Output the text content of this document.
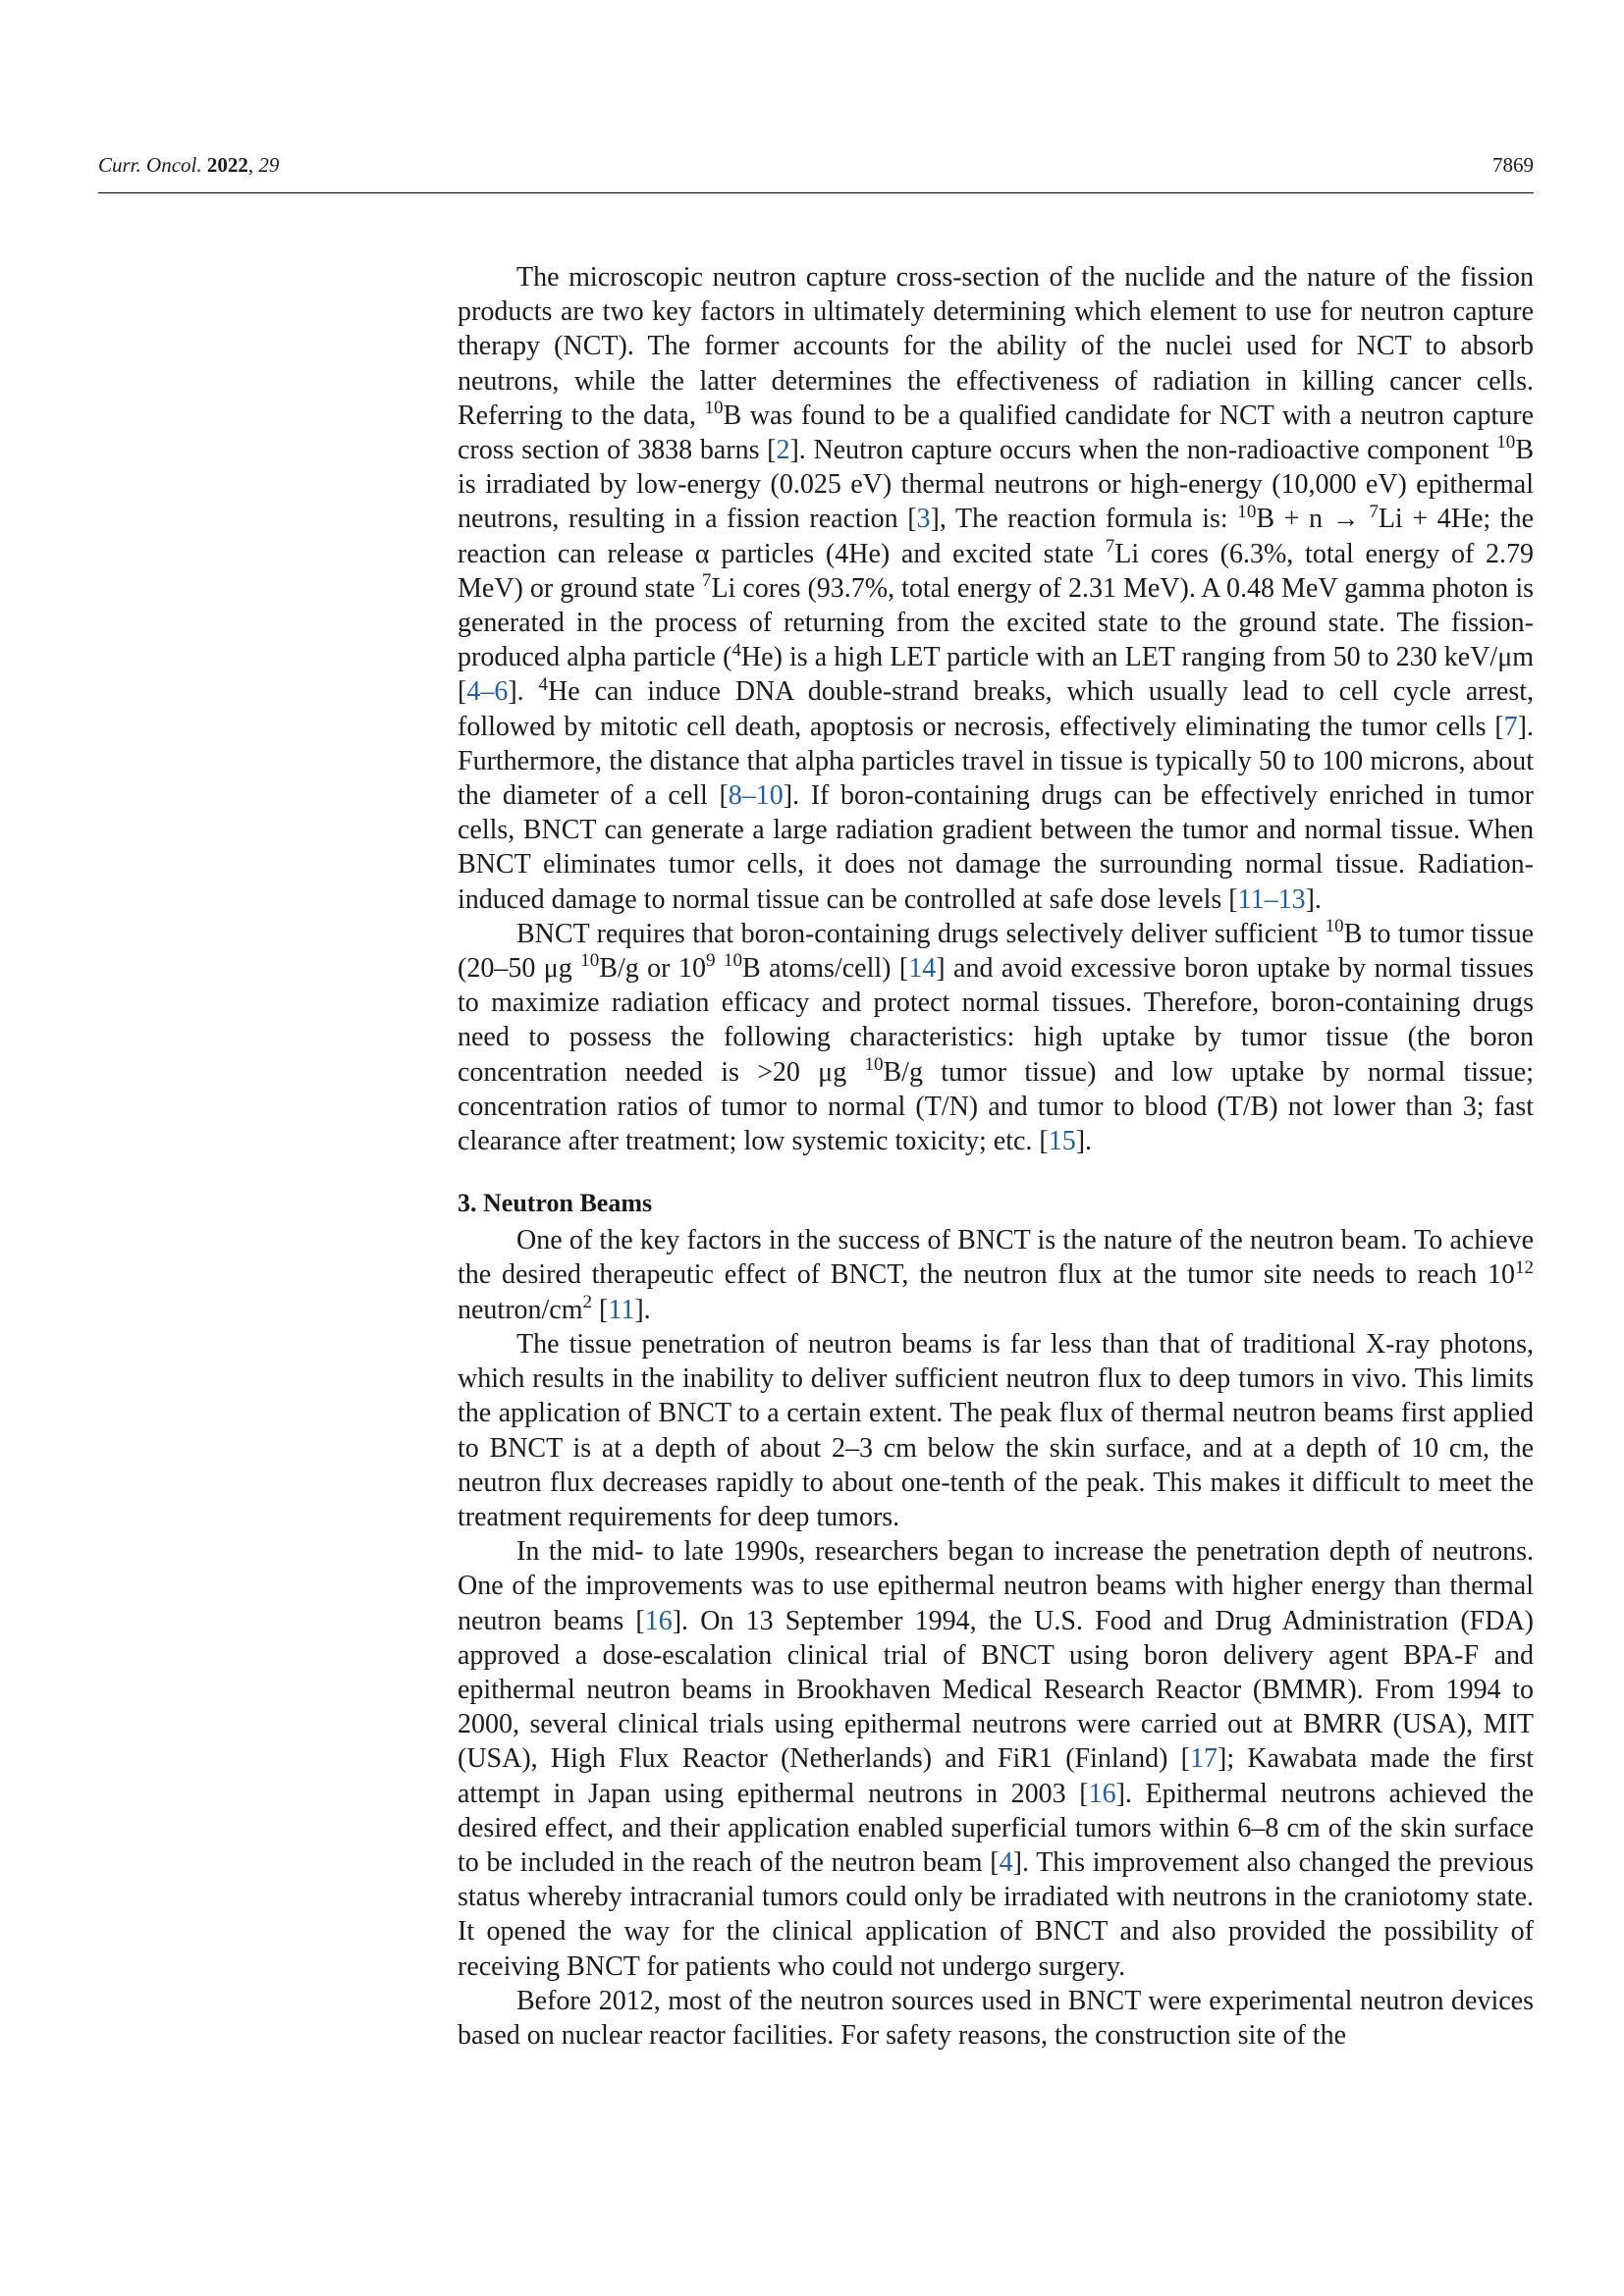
Curr. Oncol. 2022, 29	7869

The microscopic neutron capture cross-section of the nuclide and the nature of the fission products are two key factors in ultimately determining which element to use for neutron capture therapy (NCT). The former accounts for the ability of the nuclei used for NCT to absorb neutrons, while the latter determines the effectiveness of radiation in killing cancer cells. Referring to the data, $^{10}$B was found to be a qualified candidate for NCT with a neutron capture cross section of 3838 barns [2]. Neutron capture occurs when the non-radioactive component $^{10}$B is irradiated by low-energy (0.025 eV) thermal neutrons or high-energy (10,000 eV) epithermal neutrons, resulting in a fission reaction [3], The reaction formula is: $^{10}$B + n → $^7$Li + 4He; the reaction can release α particles (4He) and excited state $^7$Li cores (6.3%, total energy of 2.79 MeV) or ground state $^7$Li cores (93.7%, total energy of 2.31 MeV). A 0.48 MeV gamma photon is generated in the process of returning from the excited state to the ground state. The fission-produced alpha particle ($^4$He) is a high LET particle with an LET ranging from 50 to 230 keV/μm [4–6]. $^4$He can induce DNA double-strand breaks, which usually lead to cell cycle arrest, followed by mitotic cell death, apoptosis or necrosis, effectively eliminating the tumor cells [7]. Furthermore, the distance that alpha particles travel in tissue is typically 50 to 100 microns, about the diameter of a cell [8–10]. If boron-containing drugs can be effectively enriched in tumor cells, BNCT can generate a large radiation gradient between the tumor and normal tissue. When BNCT eliminates tumor cells, it does not damage the surrounding normal tissue. Radiation-induced damage to normal tissue can be controlled at safe dose levels [11–13].

BNCT requires that boron-containing drugs selectively deliver sufficient $^{10}$B to tumor tissue (20–50 μg $^{10}$B/g or $10^9$ $^{10}$B atoms/cell) [14] and avoid excessive boron uptake by normal tissues to maximize radiation efficacy and protect normal tissues. Therefore, boron-containing drugs need to possess the following characteristics: high uptake by tumor tissue (the boron concentration needed is >20 μg $^{10}$B/g tumor tissue) and low uptake by normal tissue; concentration ratios of tumor to normal (T/N) and tumor to blood (T/B) not lower than 3; fast clearance after treatment; low systemic toxicity; etc. [15].

3. Neutron Beams

One of the key factors in the success of BNCT is the nature of the neutron beam. To achieve the desired therapeutic effect of BNCT, the neutron flux at the tumor site needs to reach $10^{12}$ neutron/$cm^2$ [11].

The tissue penetration of neutron beams is far less than that of traditional X-ray photons, which results in the inability to deliver sufficient neutron flux to deep tumors in vivo. This limits the application of BNCT to a certain extent. The peak flux of thermal neutron beams first applied to BNCT is at a depth of about 2–3 cm below the skin surface, and at a depth of 10 cm, the neutron flux decreases rapidly to about one-tenth of the peak. This makes it difficult to meet the treatment requirements for deep tumors.

In the mid- to late 1990s, researchers began to increase the penetration depth of neutrons. One of the improvements was to use epithermal neutron beams with higher energy than thermal neutron beams [16]. On 13 September 1994, the U.S. Food and Drug Administration (FDA) approved a dose-escalation clinical trial of BNCT using boron delivery agent BPA-F and epithermal neutron beams in Brookhaven Medical Research Reactor (BMMR). From 1994 to 2000, several clinical trials using epithermal neutrons were carried out at BMRR (USA), MIT (USA), High Flux Reactor (Netherlands) and FiR1 (Finland) [17]; Kawabata made the first attempt in Japan using epithermal neutrons in 2003 [16]. Epithermal neutrons achieved the desired effect, and their application enabled superficial tumors within 6–8 cm of the skin surface to be included in the reach of the neutron beam [4]. This improvement also changed the previous status whereby intracranial tumors could only be irradiated with neutrons in the craniotomy state. It opened the way for the clinical application of BNCT and also provided the possibility of receiving BNCT for patients who could not undergo surgery.

Before 2012, most of the neutron sources used in BNCT were experimental neutron devices based on nuclear reactor facilities. For safety reasons, the construction site of the
